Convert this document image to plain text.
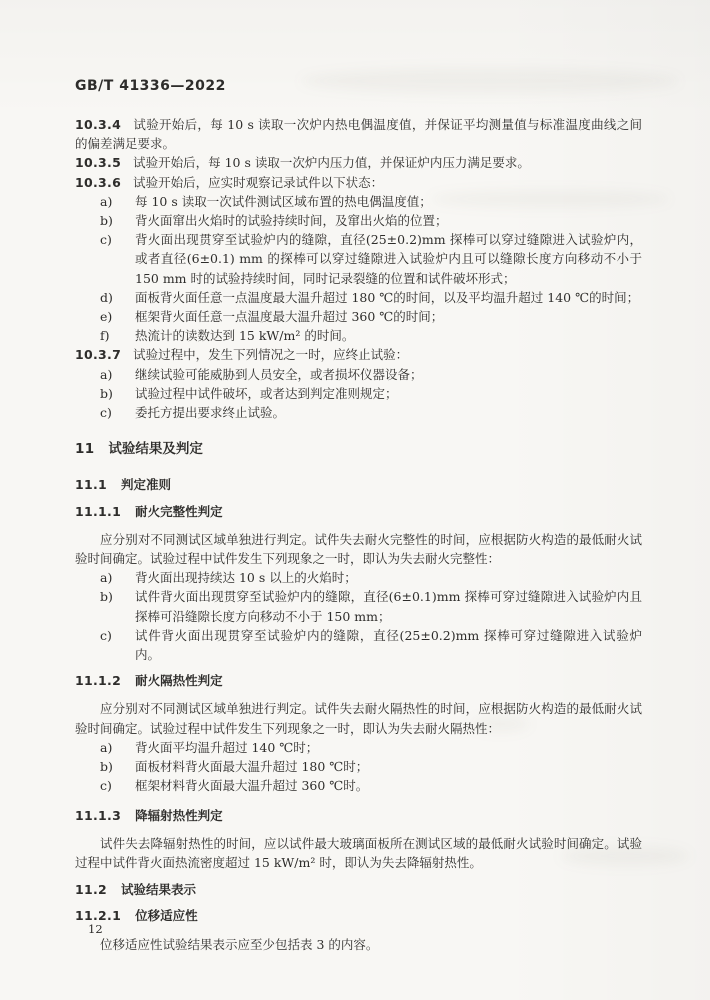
GB/T 41336—2022

10.3.4 试验开始后，每 10 s 读取一次炉内热电偶温度值，并保证平均测量值与标准温度曲线之间的偏差满足要求。

10.3.5 试验开始后，每 10 s 读取一次炉内压力值，并保证炉内压力满足要求。

10.3.6 试验开始后，应实时观察记录试件以下状态：

a) 每 10 s 读取一次试件测试区域布置的热电偶温度值；
b) 背火面窜出火焰时的试验持续时间，及窜出火焰的位置；
c) 背火面出现贯穿至试验炉内的缝隙，直径(25±0.2)mm 探棒可以穿过缝隙进入试验炉内，或者直径(6±0.1) mm 的探棒可以穿过缝隙进入试验炉内且可以缝隙长度方向移动不小于 150 mm 时的试验持续时间，同时记录裂缝的位置和试件破坏形式；
d) 面板背火面任意一点温度最大温升超过 180 ℃的时间，以及平均温升超过 140 ℃的时间；
e) 框架背火面任意一点温度最大温升超过 360 ℃的时间；
f) 热流计的读数达到 15 kW/m² 的时间。

10.3.7 试验过程中，发生下列情况之一时，应终止试验：

a) 继续试验可能威胁到人员安全，或者损坏仪器设备；
b) 试验过程中试件破坏，或者达到判定准则规定；
c) 委托方提出要求终止试验。
11 试验结果及判定
11.1 判定准则
11.1.1 耐火完整性判定

应分别对不同测试区域单独进行判定。试件失去耐火完整性的时间，应根据防火构造的最低耐火试验时间确定。试验过程中试件发生下列现象之一时，即认为失去耐火完整性：

a) 背火面出现持续达 10 s 以上的火焰时；
b) 试件背火面出现贯穿至试验炉内的缝隙，直径(6±0.1)mm 探棒可穿过缝隙进入试验炉内且探棒可沿缝隙长度方向移动不小于 150 mm；
c) 试件背火面出现贯穿至试验炉内的缝隙，直径(25±0.2)mm 探棒可穿过缝隙进入试验炉内。
11.1.2 耐火隔热性判定

应分别对不同测试区域单独进行判定。试件失去耐火隔热性的时间，应根据防火构造的最低耐火试验时间确定。试验过程中试件发生下列现象之一时，即认为失去耐火隔热性：

a) 背火面平均温升超过 140 ℃时；
b) 面板材料背火面最大温升超过 180 ℃时；
c) 框架材料背火面最大温升超过 360 ℃时。
11.1.3 降辐射热性判定

试件失去降辐射热性的时间，应以试件最大玻璃面板所在测试区域的最低耐火试验时间确定。试验过程中试件背火面热流密度超过 15 kW/m² 时，即认为失去降辐射热性。

11.2 试验结果表示
11.2.1 位移适应性

位移适应性试验结果表示应至少包括表 3 的内容。

12
